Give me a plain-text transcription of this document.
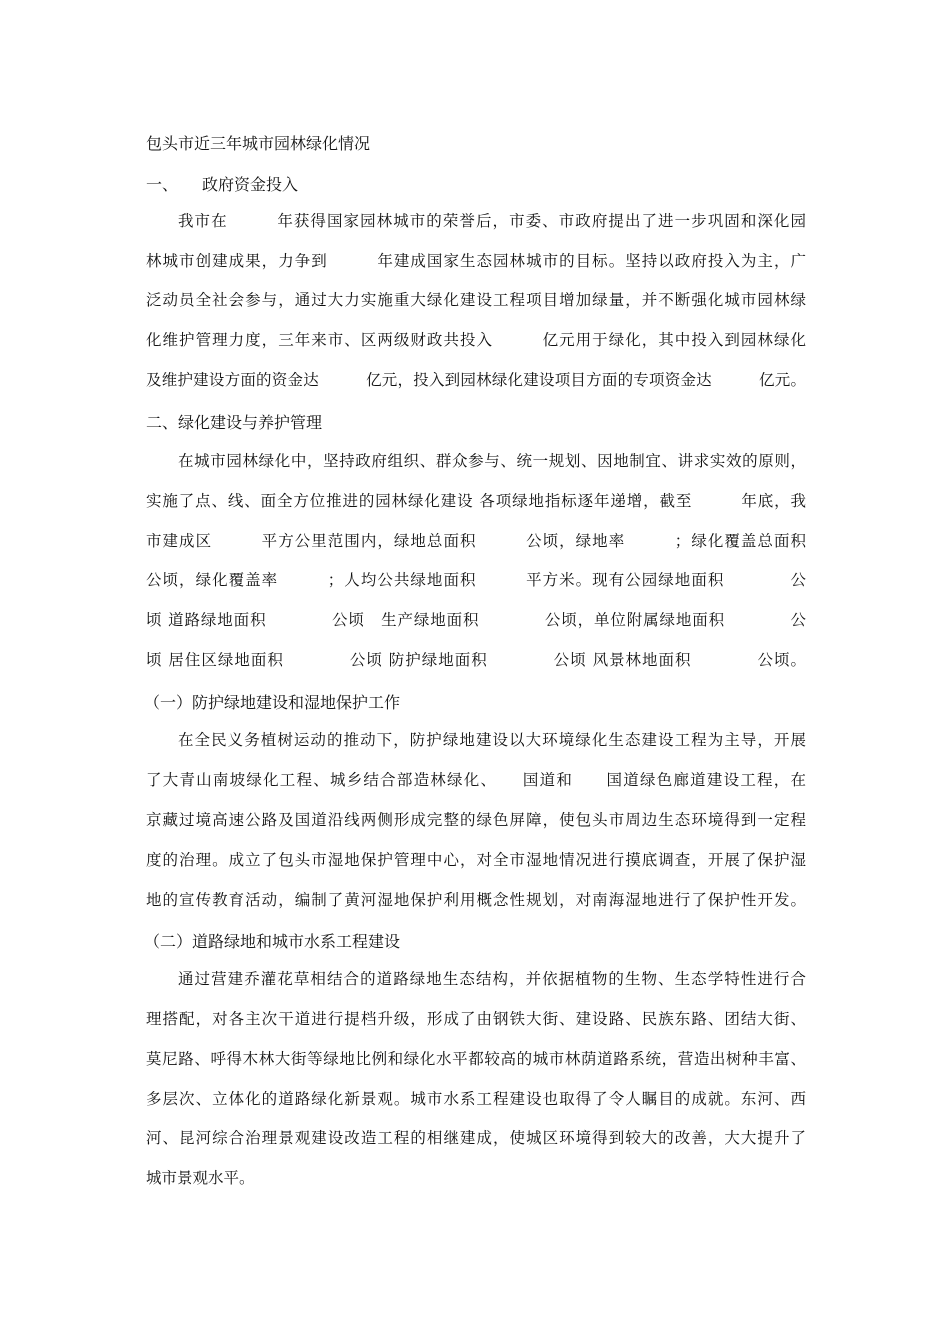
包头市近三年城市园林绿化情况
一、　　政府资金投入
我市在　　　年获得国家园林城市的荣誉后，市委、市政府提出了进一步巩固和深化园
林城市创建成果，力争到　　　年建成国家生态园林城市的目标。坚持以政府投入为主，广
泛动员全社会参与，通过大力实施重大绿化建设工程项目增加绿量，并不断强化城市园林绿
化维护管理力度，三年来市、区两级财政共投入　　　亿元用于绿化，其中投入到园林绿化
及维护建设方面的资金达　　　亿元，投入到园林绿化建设项目方面的专项资金达　　　亿元。
二、绿化建设与养护管理
在城市园林绿化中，坚持政府组织、群众参与、统一规划、因地制宜、讲求实效的原则，
实施了点、线、面全方位推进的园林绿化建设 各项绿地指标逐年递增，截至　　　年底，我
市建成区　　　平方公里范围内，绿地总面积　　　公顷，绿地率　　　；绿化覆盖总面积
公顷，绿化覆盖率　　　；人均公共绿地面积　　　平方米。现有公园绿地面积　　　　公
顷 道路绿地面积　　　　公顷　生产绿地面积　　　　公顷，单位附属绿地面积　　　　公
顷 居住区绿地面积　　　　公顷 防护绿地面积　　　　公顷 风景林地面积　　　　公顷。
（一）防护绿地建设和湿地保护工作
在全民义务植树运动的推动下，防护绿地建设以大环境绿化生态建设工程为主导，开展
了大青山南坡绿化工程、城乡结合部造林绿化、　　国道和　　国道绿色廊道建设工程，在
京藏过境高速公路及国道沿线两侧形成完整的绿色屏障，使包头市周边生态环境得到一定程
度的治理。成立了包头市湿地保护管理中心，对全市湿地情况进行摸底调查，开展了保护湿
地的宣传教育活动，编制了黄河湿地保护利用概念性规划，对南海湿地进行了保护性开发。
（二）道路绿地和城市水系工程建设
通过营建乔灌花草相结合的道路绿地生态结构，并依据植物的生物、生态学特性进行合
理搭配，对各主次干道进行提档升级，形成了由钢铁大街、建设路、民族东路、团结大街、
莫尼路、呼得木林大街等绿地比例和绿化水平都较高的城市林荫道路系统，营造出树种丰富、
多层次、立体化的道路绿化新景观。城市水系工程建设也取得了令人瞩目的成就。东河、西
河、昆河综合治理景观建设改造工程的相继建成，使城区环境得到较大的改善，大大提升了
城市景观水平。
